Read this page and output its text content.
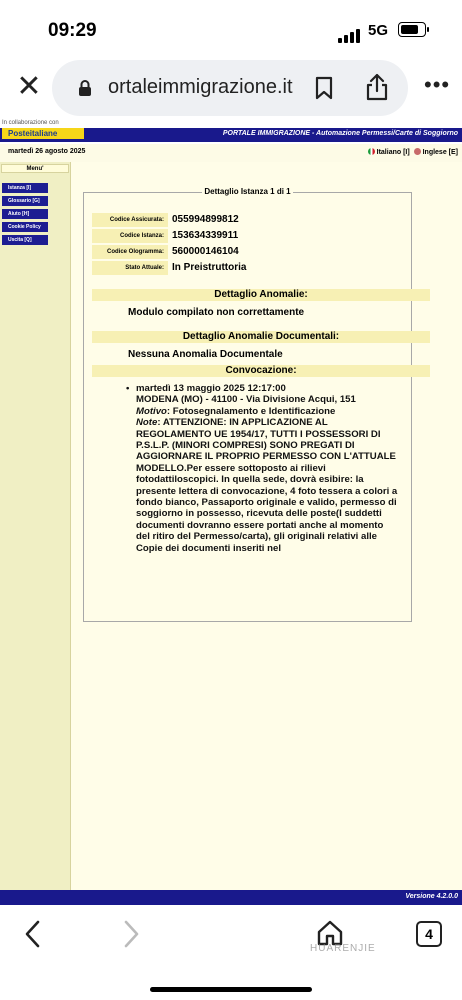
09:29	5G
✕	ortaleimmigrazione.it	•••
In collaborazione con
PORTALE IMMIGRAZIONE - Automazione Permessi/Carte di Soggiorno
Posteitaliane
martedì 26 agosto 2025	Italiano [I] Inglese [E]
Menu'
Istanza [I]
Glossario [G]
Aiuto [H]
Cookie Policy
Uscita [Q]
Dettaglio Istanza 1 di 1
Codice Assicurata: 055994899812
Codice Istanza: 153634339911
Codice Ologramma: 560000146104
Stato Attuale: In Preistruttoria
Dettaglio Anomalie:
Modulo compilato non correttamente
Dettaglio Anomalie Documentali:
Nessuna Anomalia Documentale
Convocazione:
• martedì 13 maggio 2025 12:17:00
MODENA (MO) - 41100 - Via Divisione Acqui, 151
Motivo: Fotosegnalamento e Identificazione
Note: ATTENZIONE: IN APPLICAZIONE AL REGOLAMENTO UE 1954/17, TUTTI I POSSESSORI DI P.S.L.P. (MINORI COMPRESI) SONO PREGATI DI AGGIORNARE IL PROPRIO PERMESSO CON L'ATTUALE MODELLO.Per essere sottoposto ai rilievi fotodattiloscopici. In quella sede, dovrà esibire: la presente lettera di convocazione, 4 foto tessera a colori a fondo bianco, Passaporto originale e valido, permesso di soggiorno in possesso, ricevuta delle poste(I suddetti documenti dovranno essere portati anche al momento del ritiro del Permesso/carta), gli originali relativi alle Copie dei documenti inseriti nel
Versione 4.2.0.0
4
HUARENJIE
